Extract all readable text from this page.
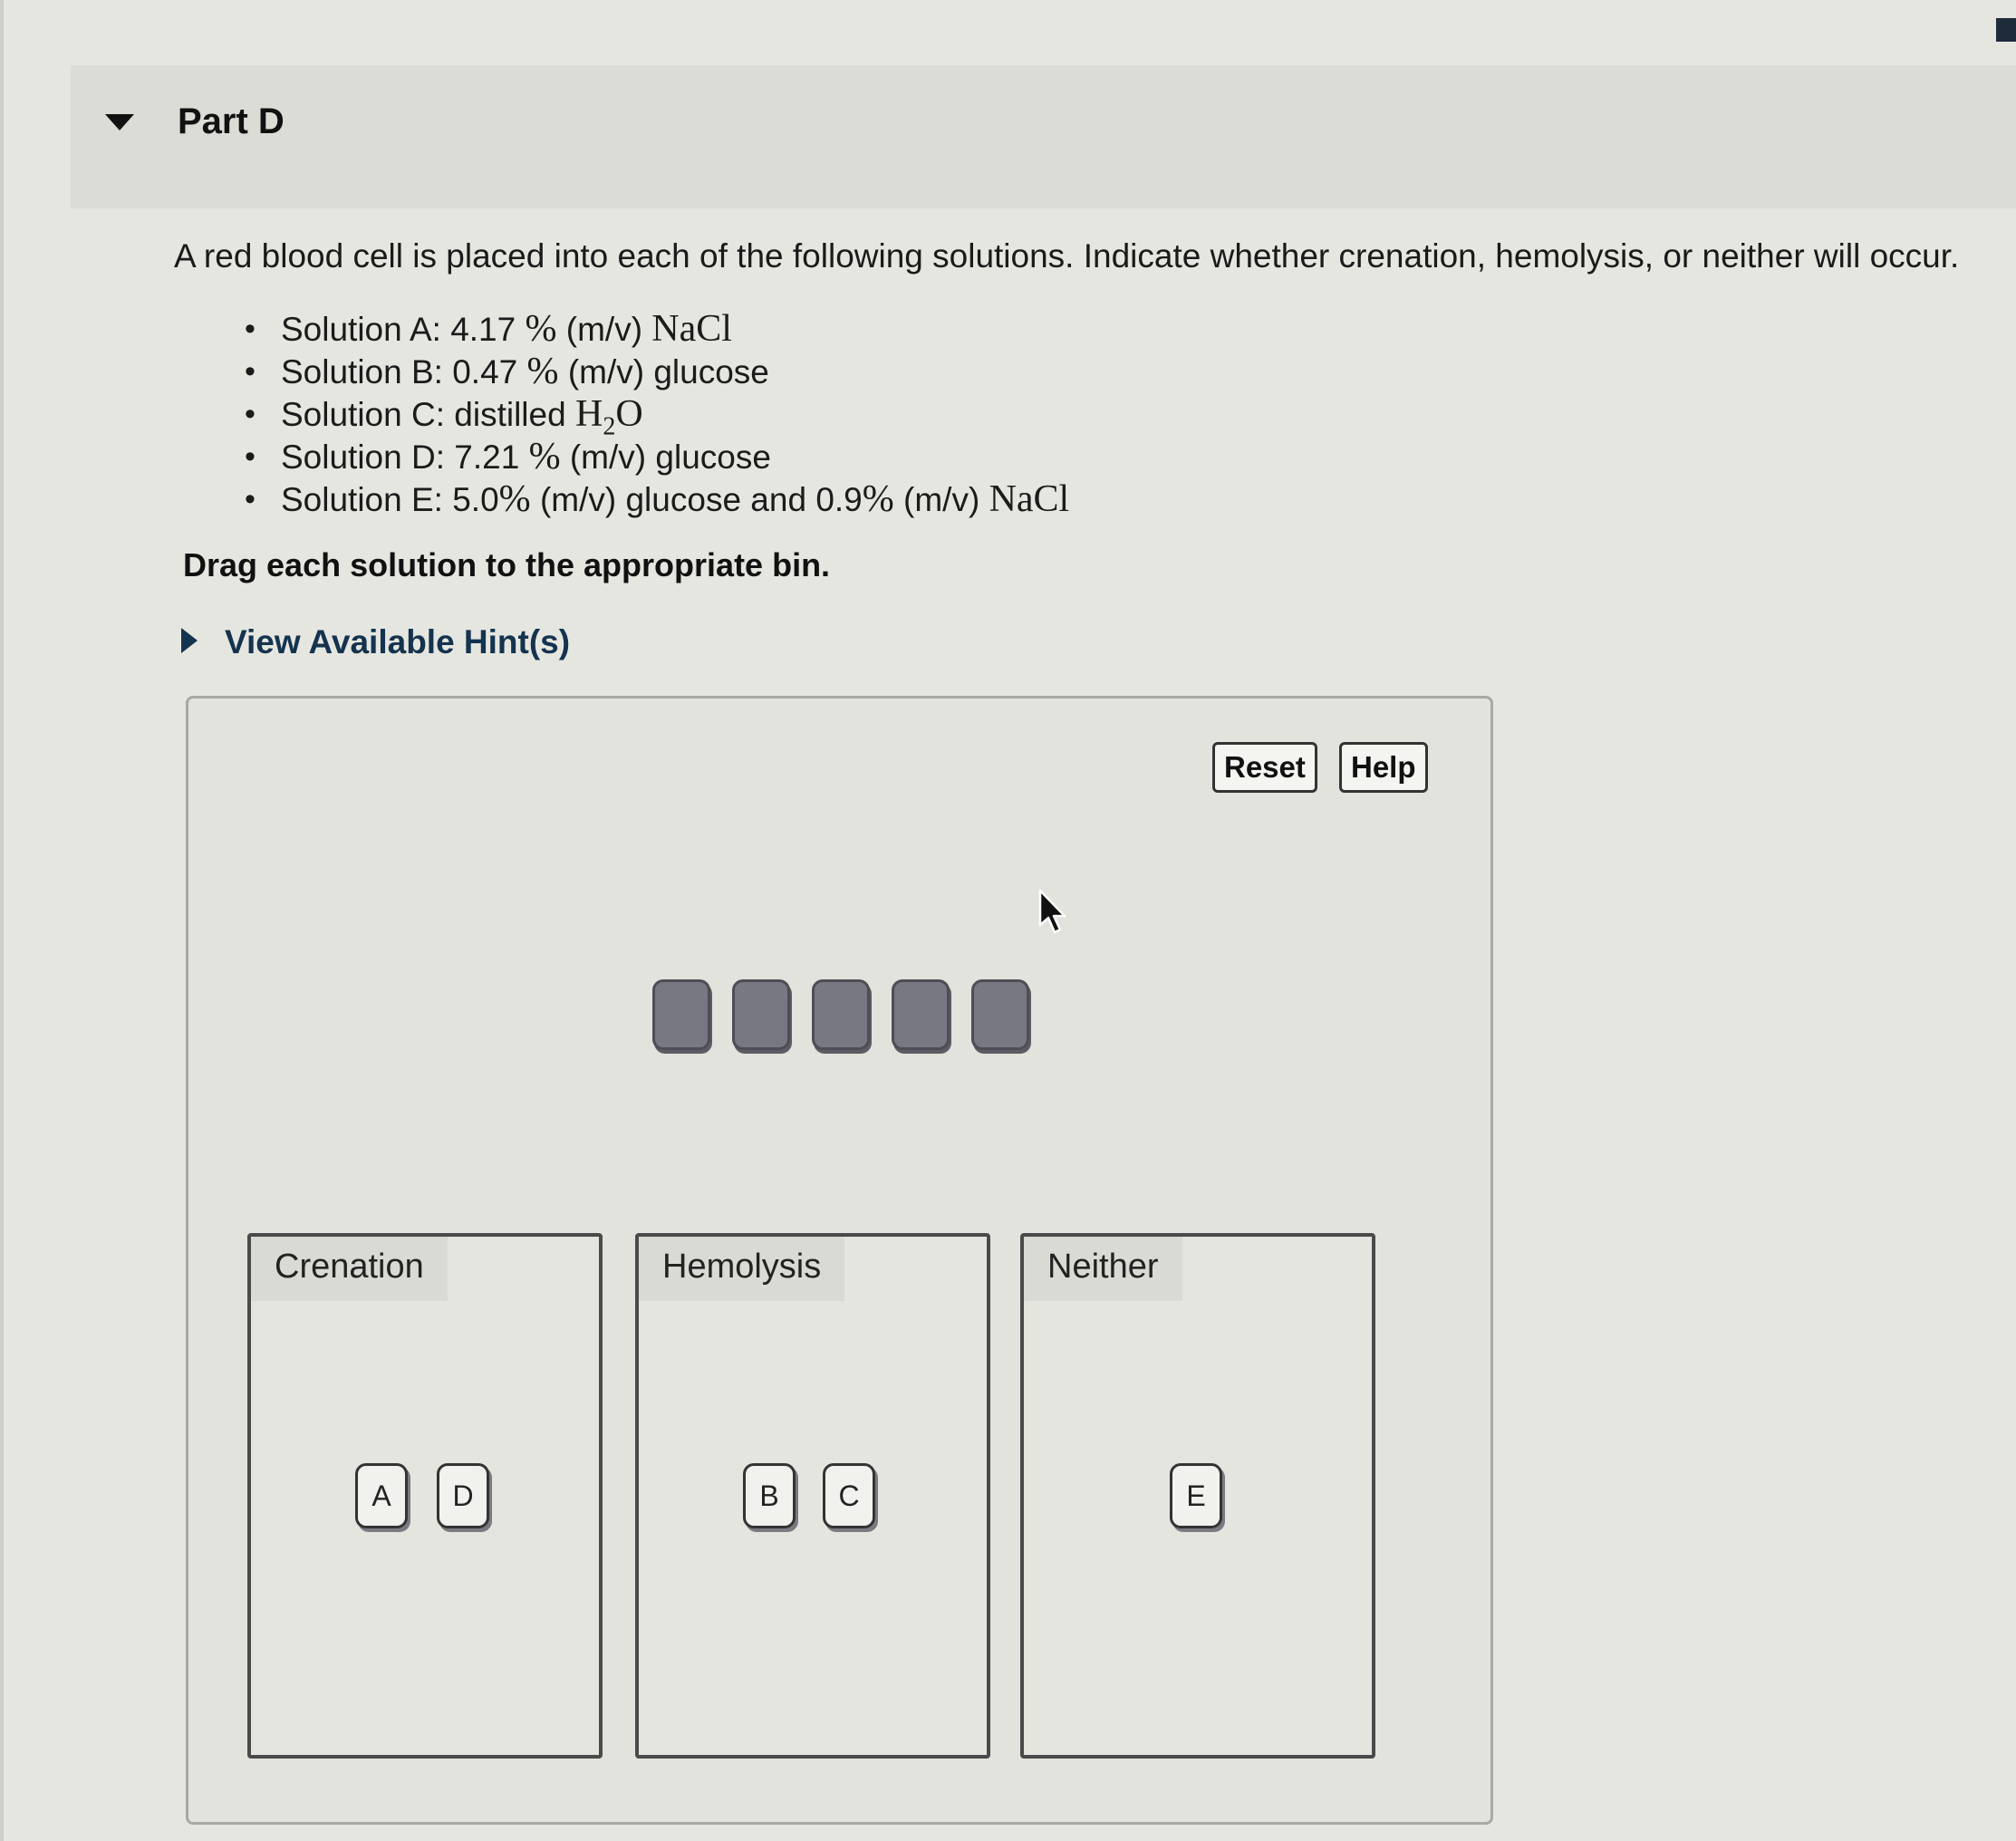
Part D
A red blood cell is placed into each of the following solutions. Indicate whether crenation, hemolysis, or neither will occur.
• Solution A: 4.17 % (m/v) NaCl
• Solution B: 0.47 % (m/v) glucose
• Solution C: distilled $H_2O$
• Solution D: 7.21 % (m/v) glucose
• Solution E: 5.0% (m/v) glucose and 0.9% (m/v) NaCl
Drag each solution to the appropriate bin.
View Available Hint(s)
Reset	Help
Crenation
A	D
Hemolysis
B	C
Neither
E
